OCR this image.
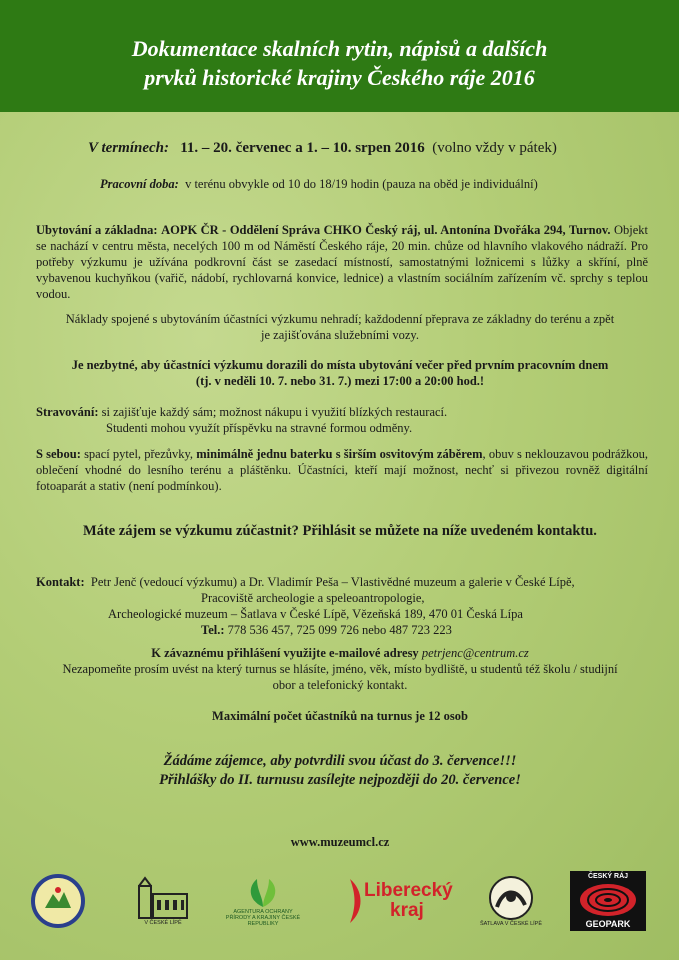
Dokumentace skalních rytin, nápisů a dalších
prvků historické krajiny Českého ráje 2016
V termínech: 11. – 20. červenec a 1. – 10. srpen 2016 (volno vždy v pátek)
Pracovní doba: v terénu obvykle od 10 do 18/19 hodin (pauza na oběd je individuální)
Ubytování a základna: AOPK ČR - Oddělení Správa CHKO Český ráj, ul. Antonína Dvořáka 294, Turnov. Objekt se nachází v centru města, necelých 100 m od Náměstí Českého ráje, 20 min. chůze od hlavního vlakového nádraží. Pro potřeby výzkumu je užívána podkrovní část se zasedací místností, samostatnými ložnicemi s lůžky a skříní, plně vybavenou kuchyňkou (vařič, nádobí, rychlovarná konvice, lednice) a vlastním sociálním zařízením vč. sprchy s teplou vodou.
Náklady spojené s ubytováním účastníci výzkumu nehradí; každodenní přeprava ze základny do terénu a zpět
je zajišťována služebními vozy.
Je nezbytné, aby účastníci výzkumu dorazili do místa ubytování večer před prvním pracovním dnem
(tj. v neděli 10. 7. nebo 31. 7.) mezi 17:00 a 20:00 hod.!
Stravování: si zajišťuje každý sám; možnost nákupu i využití blízkých restaurací.
Studenti mohou využít příspěvku na stravné formou odměny.
S sebou: spací pytel, přezůvky, minimálně jednu baterku s širším osvitovým záběrem, obuv s neklouzavou podrážkou, oblečení vhodné do lesního terénu a pláštěnku. Účastníci, kteří mají možnost, nechť si přivezou rovněž digitální fotoaparát a stativ (není podmínkou).
Máte zájem se výzkumu zúčastnit? Přihlásit se můžete na níže uvedeném kontaktu.
Kontakt: Petr Jenč (vedoucí výzkumu) a Dr. Vladimír Peša – Vlastivědné muzeum a galerie v České Lípě,
Pracoviště archeologie a speleoantropologie,
Archeologické muzeum – Šatlava v České Lípě, Vězeňská 189, 470 01 Česká Lípa
Tel.: 778 536 457, 725 099 726 nebo 487 723 223
K závaznému přihlášení využijte e-mailové adresy petrjenc@centrum.cz
Nezapomeňte prosím uvést na který turnus se hlásíte, jméno, věk, místo bydliště, u studentů též školu / studijní
obor a telefonický kontakt.
Maximální počet účastníků na turnus je 12 osob
Žádáme zájemce, aby potvrdili svou účast do 3. července!!!
Přihlášky do II. turnusu zasílejte nejpozději do 20. července!
www.muzeumcl.cz
V ČESKÉ LÍPĚ
AGENTURA OCHRANY PŘÍRODY A KRAJINY ČESKÉ REPUBLIKY
Liberecký
kraj
ŠATLAVA V ČESKÉ LÍPĚ
ČESKÝ RÁJ
GEOPARK
